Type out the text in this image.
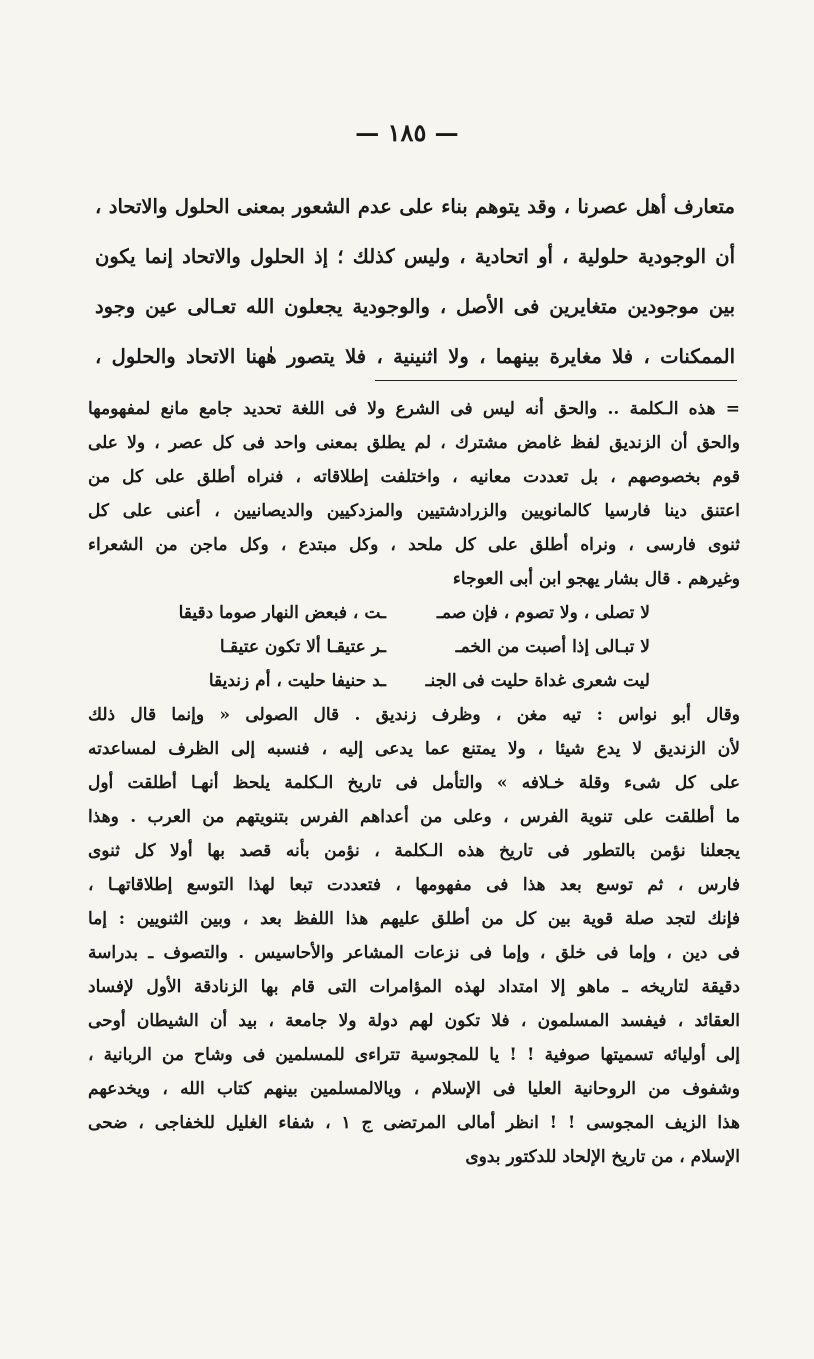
— ١٨٥ —
متعارف أهل عصرنا ، وقد يتوهم بناء على عدم الشعور بمعنى الحلول والاتحاد ،
أن الوجودية حلولية ، أو اتحادية ، وليس كذلك ؛ إذ الحلول والاتحاد إنما يكون
بين موجودين متغايرين فى الأصل ، والوجودية يجعلون الله تعـالى عين وجود
الممكنات ، فلا مغايرة بينهما ، ولا اثنينية ، فلا يتصور هٰهنا الاتحاد والحلول ،
= هذه الـكلمة .. والحق أنه ليس فى الشرع ولا فى اللغة تحديد جامع مانع لمفهومها
والحق أن الزنديق لفظ غامض مشترك ، لم يطلق بمعنى واحد فى كل عصر ، ولا على
قوم بخصوصهم ، بل تعددت معانيه ، واختلفت إطلاقاته ، فنراه أطلق على كل من
اعتنق دينا فارسيا كالمانويين والزرادشتيين والمزدكيين والديصانيين ، أعنى على كل
ثنوى فارسى ، ونراه أطلق على كل ملحد ، وكل مبتدع ، وكل ماجن من الشعراء
وغيرهم . قال بشار يهجو ابن أبى العوجاء
لا تصلى ، ولا تصوم ، فإن صمـ
ـت ، فبعض النهار صوما دقيقا
لا تبـالى إذا أصبت من الخمـ
ـر عتيقـا ألا تكون عتيقـا
ليت شعرى غداة حليت فى الجنـ
ـد حنيفا حليت ، أم زنديقا
وقال أبو نواس : تيه مغن ، وظرف زنديق . قال الصولى « وإنما قال ذلك
لأن الزنديق لا يدع شيئا ، ولا يمتنع عما يدعى إليه ، فنسبه إلى الظرف لمساعدته
على كل شىء وقلة خـلافه » والتأمل فى تاريخ الـكلمة يلحظ أنهـا أطلقت أول
ما أطلقت على تنوية الفرس ، وعلى من أعداهم الفرس بتنويتهم من العرب . وهذا
يجعلنا نؤمن بالتطور فى تاريخ هذه الـكلمة ، نؤمن بأنه قصد بها أولا كل ثنوى
فارس ، ثم توسع بعد هذا فى مفهومها ، فتعددت تبعا لهذا التوسع إطلاقاتهـا ،
فإنك لتجد صلة قوية بين كل من أطلق عليهم هذا اللفظ بعد ، وبين الثنويين : إما
فى دين ، وإما فى خلق ، وإما فى نزعات المشاعر والأحاسيس . والتصوف ـ بدراسة
دقيقة لتاريخه ـ ماهو إلا امتداد لهذه المؤامرات التى قام بها الزنادقة الأول لإفساد
العقائد ، فيفسد المسلمون ، فلا تكون لهم دولة ولا جامعة ، بيد أن الشيطان أوحى
إلى أوليائه تسميتها صوفية ! ! يا للمجوسية تتراءى للمسلمين فى وشاح من الربانية ،
وشفوف من الروحانية العليا فى الإسلام ، ويالالمسلمين بينهم كتاب الله ، ويخدعهم
هذا الزيف المجوسى ! ! انظر أمالى المرتضى ج ١ ، شفاء الغليل للخفاجى ، ضحى
الإسلام ، من تاريخ الإلحاد للدكتور بدوى
